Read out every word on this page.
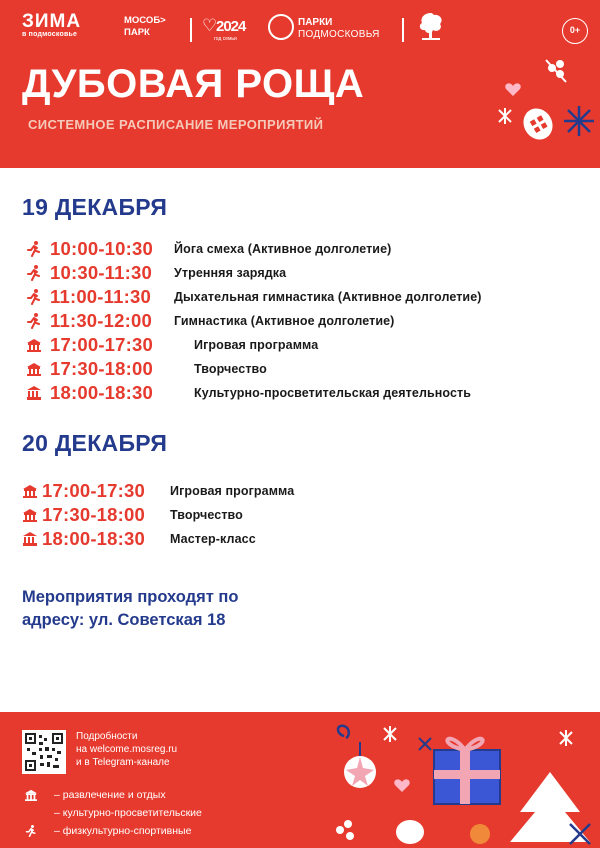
ЗИМА
в подмосковье
МОСОБ>
ПАРК	♡
2024
год семьи
ПАРКИ
ПОДМОСКОВЬЯ	0+
ДУБОВАЯ РОЩА
СИСТЕМНОЕ РАСПИСАНИЕ МЕРОПРИЯТИЙ
19 ДЕКАБРЯ
10:00-10:30 Йога смеха (Активное долголетие)
10:30-11:30 Утренняя зарядка
11:00-11:30 Дыхательная гимнастика (Активное долголетие)
11:30-12:00 Гимнастика (Активное долголетие)
17:00-17:30	Игровая программа
17:30-18:00	Творчество
18:00-18:30	Культурно-просветительская деятельность
20 ДЕКАБРЯ
17:00-17:30 Игровая программа
17:30-18:00 Творчество
18:00-18:30 Мастер-класс
Мероприятия проходят по
адресу: ул. Советская 18
Подробности
на welcome.mosreg.ru
и в Telegram-канале
– развлечение и отдых
– культурно-просветительские
– физкультурно-спортивные
